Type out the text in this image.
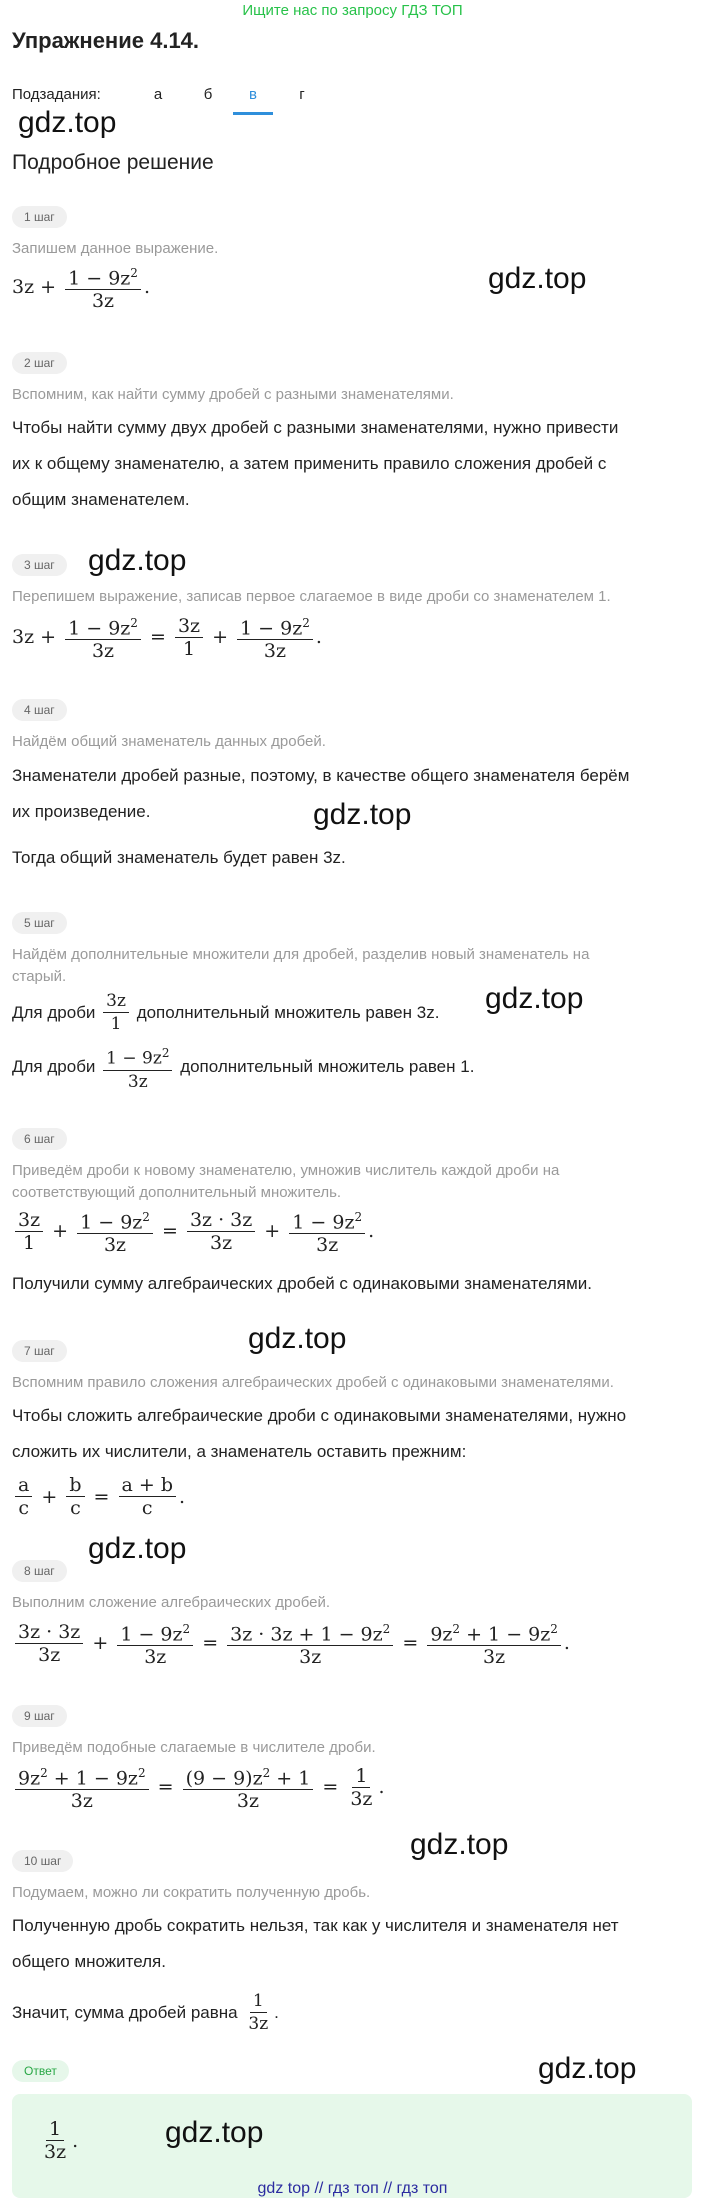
Ищите нас по запросу ГДЗ ТОП
Упражнение 4.14.
Подзадания:	а	б	в	г
gdz.top
Подробное решение
1 шаг
Запишем данное выражение.
$3z + \frac{1 - 9z^2}{3z}$ .	gdz.top
2 шаг
Вспомним, как найти сумму дробей с разными знаменателями.
Чтобы найти сумму двух дробей с разными знаменателями, нужно привести
их к общему знаменателю, а затем применить правило сложения дробей с
общим знаменателем.
3 шаг	gdz.top
Перепишем выражение, записав первое слагаемое в виде дроби со знаменателем 1.
$3z + \frac{1 - 9z^2}{3z} = \frac{3z}{1} + \frac{1 - 9z^2}{3z}$ .
4 шаг
Найдём общий знаменатель данных дробей.
Знаменатели дробей разные, поэтому, в качестве общего знаменателя берём
их произведение.	gdz.top
Тогда общий знаменатель будет равен 3z.
5 шаг
Найдём дополнительные множители для дробей, разделив новый знаменатель на
старый.
Для дроби
$\frac{3z}{1}$
дополнительный множитель равен 3z. gdz.top
Для дроби
$\frac{1 - 9z^2}{3z}$
дополнительный множитель равен 1.
6 шаг
Приведём дроби к новому знаменателю, умножив числитель каждой дроби на
соответствующий дополнительный множитель.
$\frac{3z}{1} + \frac{1 - 9z^2}{3z} = \frac{3z \cdot 3z}{3z} + \frac{1 - 9z^2}{3z}$ .
Получили сумму алгебраических дробей с одинаковыми знаменателями.
gdz.top
7 шаг
Вспомним правило сложения алгебраических дробей с одинаковыми знаменателями.
Чтобы сложить алгебраические дроби с одинаковыми знаменателями, нужно
сложить их числители, а знаменатель оставить прежним:
$\frac{a}{c} + \frac{b}{c} = \frac{a + b}{c}$ .
gdz.top
8 шаг
Выполним сложение алгебраических дробей.
$\frac{3z \cdot 3z}{3z} + \frac{1 - 9z^2}{3z} = \frac{3z \cdot 3z + 1 - 9z^2}{3z} = \frac{9z^2 + 1 - 9z^2}{3z}$ .
9 шаг
Приведём подобные слагаемые в числителе дроби.
$\frac{9z^2 + 1 - 9z^2}{3z} = \frac{(9 - 9)z^2 + 1}{3z} = \frac{1}{3z}$ .
gdz.top
10 шаг
Подумаем, можно ли сократить полученную дробь.
Полученную дробь сократить нельзя, так как у числителя и знаменателя нет
общего множителя.
Значит, сумма дробей равна
$\frac{1}{3z}$ .
Ответ	gdz.top
$\frac{1}{3z}$ .	gdz.top
gdz top // гдз топ // гдз топ
